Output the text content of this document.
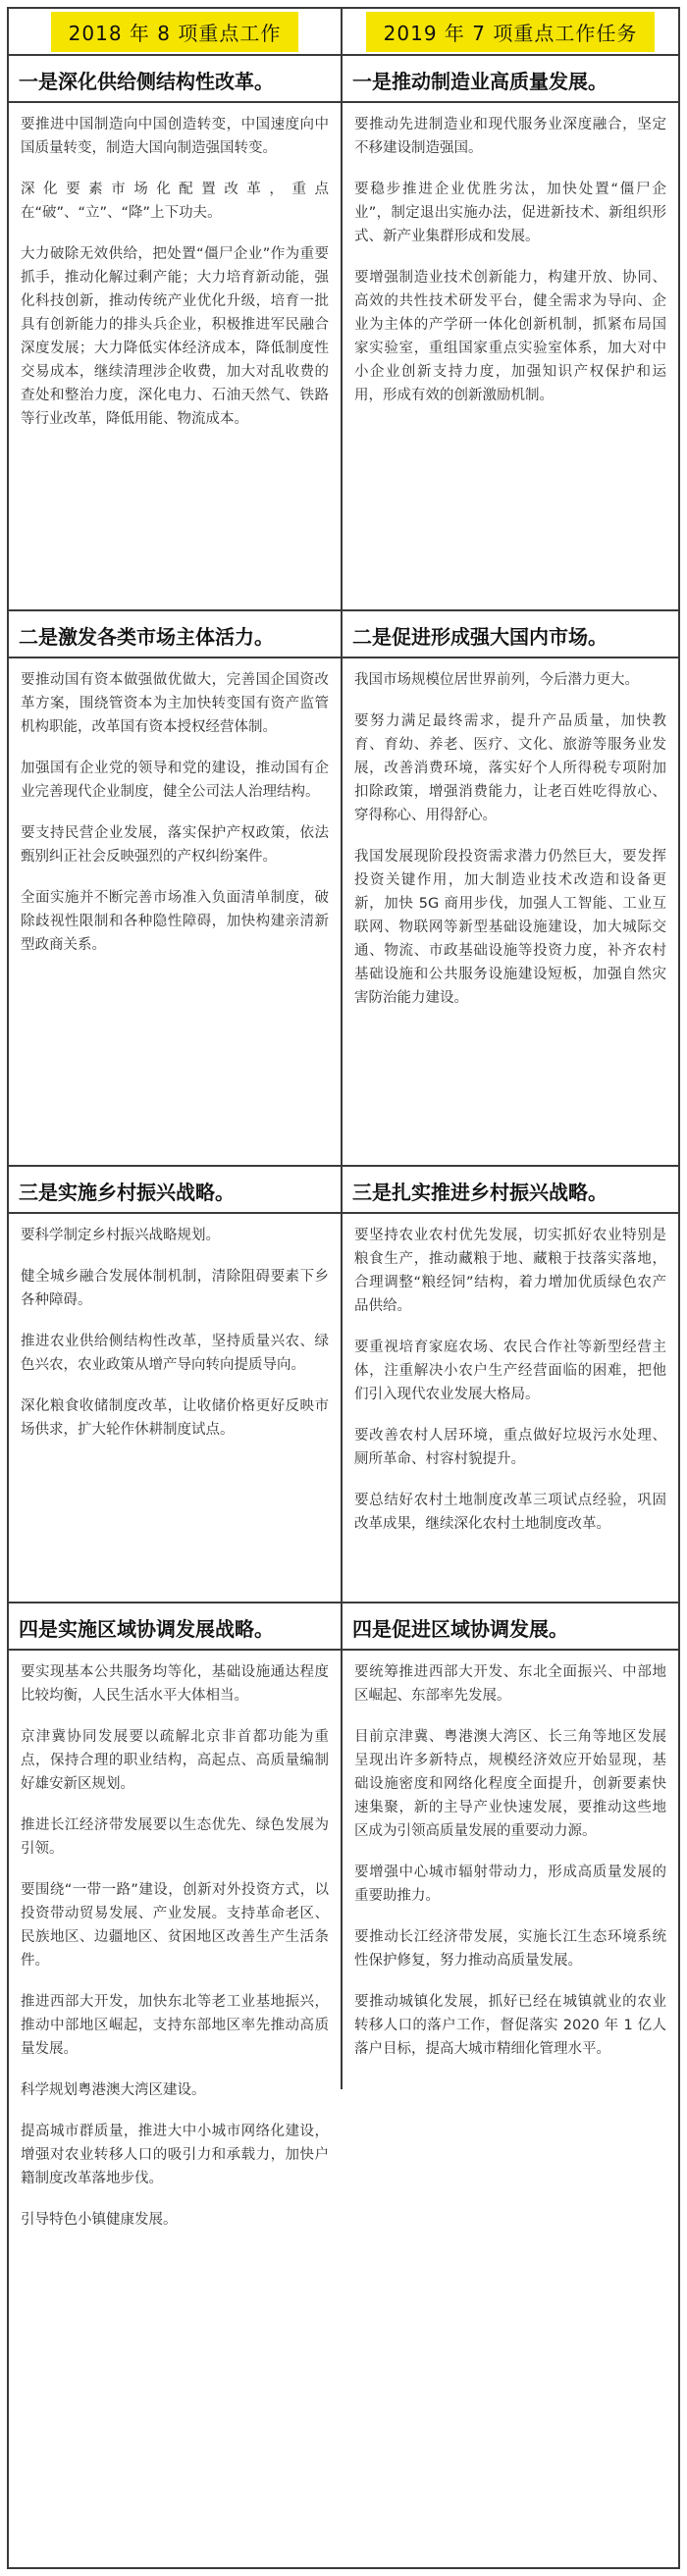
2018 年 8 项重点工作	2019 年 7 项重点工作任务
一是深化供给侧结构性改革。

要推进中国制造向中国创造转变，中国速度向中国质量转变，制造大国向制造强国转变。

深化要素市场化配置改革，重点在“破”、“立”、“降”上下功夫。

大力破除无效供给，把处置“僵尸企业”作为重要抓手，推动化解过剩产能；大力培育新动能，强化科技创新，推动传统产业优化升级，培育一批具有创新能力的排头兵企业，积极推进军民融合深度发展；大力降低实体经济成本，降低制度性交易成本，继续清理涉企收费，加大对乱收费的查处和整治力度，深化电力、石油天然气、铁路等行业改革，降低用能、物流成本。

一是推动制造业高质量发展。

要推动先进制造业和现代服务业深度融合，坚定不移建设制造强国。

要稳步推进企业优胜劣汰，加快处置“僵尸企业”，制定退出实施办法，促进新技术、新组织形式、新产业集群形成和发展。

要增强制造业技术创新能力，构建开放、协同、高效的共性技术研发平台，健全需求为导向、企业为主体的产学研一体化创新机制，抓紧布局国家实验室，重组国家重点实验室体系，加大对中小企业创新支持力度，加强知识产权保护和运用，形成有效的创新激励机制。

二是激发各类市场主体活力。

要推动国有资本做强做优做大，完善国企国资改革方案，围绕管资本为主加快转变国有资产监管机构职能，改革国有资本授权经营体制。

加强国有企业党的领导和党的建设，推动国有企业完善现代企业制度，健全公司法人治理结构。

要支持民营企业发展，落实保护产权政策，依法甄别纠正社会反映强烈的产权纠纷案件。

全面实施并不断完善市场准入负面清单制度，破除歧视性限制和各种隐性障碍，加快构建亲清新型政商关系。

二是促进形成强大国内市场。

我国市场规模位居世界前列，今后潜力更大。

要努力满足最终需求，提升产品质量，加快教育、育幼、养老、医疗、文化、旅游等服务业发展，改善消费环境，落实好个人所得税专项附加扣除政策，增强消费能力，让老百姓吃得放心、穿得称心、用得舒心。

我国发展现阶段投资需求潜力仍然巨大，要发挥投资关键作用，加大制造业技术改造和设备更新，加快 5G 商用步伐，加强人工智能、工业互联网、物联网等新型基础设施建设，加大城际交通、物流、市政基础设施等投资力度，补齐农村基础设施和公共服务设施建设短板，加强自然灾害防治能力建设。

三是实施乡村振兴战略。

要科学制定乡村振兴战略规划。

健全城乡融合发展体制机制，清除阻碍要素下乡各种障碍。

推进农业供给侧结构性改革，坚持质量兴农、绿色兴农，农业政策从增产导向转向提质导向。

深化粮食收储制度改革，让收储价格更好反映市场供求，扩大轮作休耕制度试点。

三是扎实推进乡村振兴战略。

要坚持农业农村优先发展，切实抓好农业特别是粮食生产，推动藏粮于地、藏粮于技落实落地，合理调整“粮经饲”结构，着力增加优质绿色农产品供给。

要重视培育家庭农场、农民合作社等新型经营主体，注重解决小农户生产经营面临的困难，把他们引入现代农业发展大格局。

要改善农村人居环境，重点做好垃圾污水处理、厕所革命、村容村貌提升。

要总结好农村土地制度改革三项试点经验，巩固改革成果，继续深化农村土地制度改革。

四是实施区域协调发展战略。

要实现基本公共服务均等化，基础设施通达程度比较均衡，人民生活水平大体相当。

京津冀协同发展要以疏解北京非首都功能为重点，保持合理的职业结构，高起点、高质量编制好雄安新区规划。

推进长江经济带发展要以生态优先、绿色发展为引领。

要围绕“一带一路”建设，创新对外投资方式，以投资带动贸易发展、产业发展。支持革命老区、民族地区、边疆地区、贫困地区改善生产生活条件。

推进西部大开发，加快东北等老工业基地振兴，推动中部地区崛起，支持东部地区率先推动高质量发展。

科学规划粤港澳大湾区建设。

提高城市群质量，推进大中小城市网络化建设，增强对农业转移人口的吸引力和承载力，加快户籍制度改革落地步伐。

引导特色小镇健康发展。

四是促进区域协调发展。

要统筹推进西部大开发、东北全面振兴、中部地区崛起、东部率先发展。

目前京津冀、粤港澳大湾区、长三角等地区发展呈现出许多新特点，规模经济效应开始显现，基础设施密度和网络化程度全面提升，创新要素快速集聚，新的主导产业快速发展，要推动这些地区成为引领高质量发展的重要动力源。

要增强中心城市辐射带动力，形成高质量发展的重要助推力。

要推动长江经济带发展，实施长江生态环境系统性保护修复，努力推动高质量发展。

要推动城镇化发展，抓好已经在城镇就业的农业转移人口的落户工作，督促落实 2020 年 1 亿人落户目标，提高大城市精细化管理水平。
